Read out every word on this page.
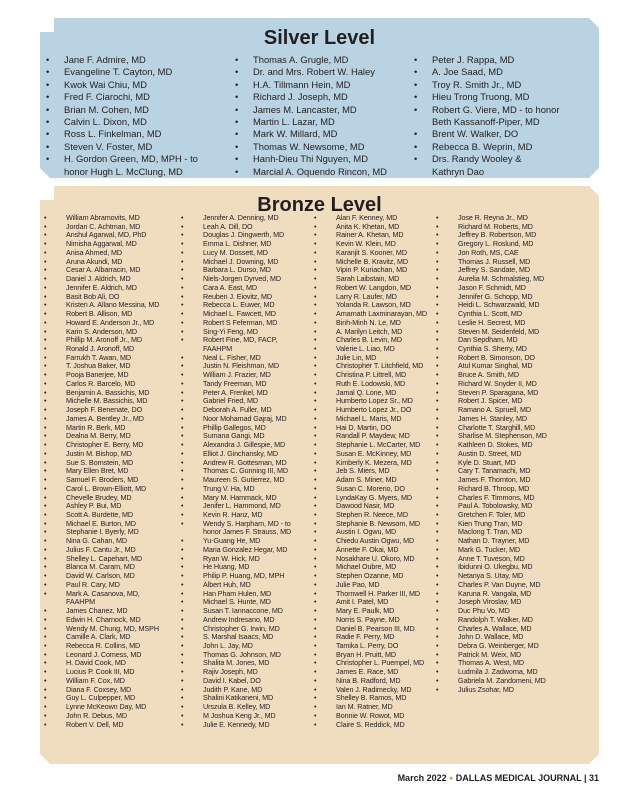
Silver Level
• Jane F. Admire, MD
• Evangeline T. Cayton, MD
• Kwok Wai Chiu, MD
• Fred F. Ciarochi, MD
• Brian M. Cohen, MD
• Calvin L. Dixon, MD
• Ross L. Finkelman, MD
• Steven V. Foster, MD
• H. Gordon Green, MD, MPH - to
honor Hugh L. McClung, MD
• Thomas A. Grugle, MD
• Dr. and Mrs. Robert W. Haley
• H.A. Tillmann Hein, MD
• Richard J. Joseph, MD
• James M. Lancaster, MD
• Martin L. Lazar, MD
• Mark W. Millard, MD
• Thomas W. Newsome, MD
• Hanh-Dieu Thi Nguyen, MD
• Marcial A. Oquendo Rincon, MD
• Peter J. Rappa, MD
• A. Joe Saad, MD
• Troy R. Smith Jr., MD
• Hieu Trong Truong, MD
• Robert G. Viere, MD - to honor
Beth Kassanoff-Piper, MD
• Brent W. Walker, DO
• Rebecca B. Weprin, MD
• Drs. Randy Wooley &
Kathryn Dao
Bronze Level
• William Abramovits, MD
• Jordan C. Achtman, MD
• Anshul Agarwal, MD, PhD
• Nimisha Aggarwal, MD
• Anisa Ahmed, MD
• Aruna Akundi, MD
• Cesar A. Albarracin, MD
• Daniel J. Aldrich, MD
• Jennifer E. Aldrich, MD
• Basit Bob Ali, DO
• Kristen A. Allano Messina, MD
• Robert B. Allison, MD
• Howard E. Anderson Jr., MD
• Karin S. Anderson, MD
• Phillip M. Aronoff Jr., MD
• Ronald J. Aronoff, MD
• Farrukh T. Awan, MD
• T. Joshua Baker, MD
• Pooja Banerjee, MD
• Carlos R. Barcelo, MD
• Benjamin A. Bassichis, MD
• Michelle M. Bassichis, MD
• Joseph F. Benenate, DO
• James A. Bentley Jr., MD
• Martin R. Berk, MD
• Dealna M. Berry, MD
• Christopher E. Berry, MD
• Justin M. Bishop, MD
• Sue S. Bornstein, MD
• Mary Ellen Bret, MD
• Samuel F. Broders, MD
• Carol L. Brown-Elliott, MD
• Chevelle Brudey, MD
• Ashley P. Bui, MD
• Scott A. Burdette, MD
• Michael E. Burton, MD
• Stephanie I. Byerly, MD
• Nina G. Cahan, MD
• Julius F. Cantu Jr., MD
• Shelley L. Capehart, MD
• Blanca M. Caram, MD
• David W. Carlson, MD
• Paul R. Cary, MD
• Mark A. Casanova, MD,
FAAHPM
• James Chanez, MD
• Edwin H. Charnock, MD
• Wendy M. Chung, MD, MSPH
• Camille A. Clark, MD
• Rebecca R. Collins, MD
• Leonard J. Comess, MD
• H. David Cook, MD
• Lucius P. Cook III, MD
• William F. Cox, MD
• Diana F. Coxsey, MD
• Guy L. Culpepper, MD
• Lynne McKeown Day, MD
• John R. Debus, MD
• Robert V. Dell, MD
• Jennifer A. Denning, MD
• Leah A. Dill, DO
• Douglas J. Dingwerth, MD
• Emma L. Dishner, MD
• Lucy M. Dossett, MD
• Michael J. Downing, MD
• Barbara L. Durso, MD
• Niels-Jorgen Dyrved, MD
• Cara A. East, MD
• Reuben J. Eiovitz, MD
• Rebecca L. Euwer, MD
• Michael L. Fawcett, MD
• Robert S Feferman, MD
• Sing-Yi Feng, MD
• Robert Fine, MD, FACP,
FAAHPM
• Neal L. Fisher, MD
• Justin N. Fleishman, MD
• William J. Frazier, MD
• Tandy Freeman, MD
• Peter A. Frenkel, MD
• Gabriel Fried, MD
• Deborah A. Fuller, MD
• Noor Mohamad Gajraj, MD
• Phillip Gallegos, MD
• Sumana Gangi, MD
• Alexandra J. Gillespie, MD
• Elliot J. Ginchansky, MD
• Andrew R. Gottesman, MD
• Thomas C. Gunning III, MD
• Maureen S. Gutierrez, MD
• Trung V. Ha, MD
• Mary M. Hammack, MD
• Jenifer L. Hammond, MD
• Kevin R. Hanz, MD
• Wendy S. Harpham, MD - to
honor James F. Strauss, MD
• Yu-Guang He, MD
• Maria Gonzalez Hegar, MD
• Ryan W. Hick, MD
• He Huang, MD
• Philip P. Huang, MD, MPH
• Albert Huh, MD
• Han Pham Hulen, MD
• Michael S. Hunte, MD
• Susan T. Iannaccone, MD
• Andrew Indresano, MD
• Christopher G. Irwin, MD
• S. Marshal Isaacs, MD
• John L. Jay, MD
• Thomas G. Johnson, MD
• Shalita M. Jones, MD
• Rajiv Joseph, MD
• David I. Kabel, DO
• Judith P. Kane, MD
• Shalini Katikaneni, MD
• Urszula B. Kelley, MD
• M Joshua Keng Jr., MD
• Julie E. Kennedy, MD
• Alan F. Kenney, MD
• Anita K. Khetan, MD
• Rainer A. Khetan, MD
• Kevin W. Klein, MD
• Karanjit S. Kooner, MD
• Michelle B. Kravitz, MD
• Vipin P. Kuriachan, MD
• Sarah Laibstain, MD
• Robert W. Langdon, MD
• Larry R. Laufer, MD
• Yolanda R. Lawson, MD
• Amarnath Laxminarayan, MD
• Binh-Minh N. Le, MD
• A. Marilyn Leitch, MD
• Charles B. Levin, MD
• Valerie L. Liao, MD
• Julie Lin, MD
• Christopher T. Litchfield, MD
• Christina P. Littrell, MD
• Ruth E. Lodowski, MD
• Jamal Q. Lone, MD
• Humberto Lopez Sr., MD
• Humberto Lopez Jr., DO
• Michael L. Maris, MD
• Hai D. Martin, DO
• Randall P. Maydew, MD
• Stephanie L. McCarter, MD
• Susan E. McKinney, MD
• Kimberly K. Mezera, MD
• Jeb S. Miers, MD
• Adam S. Miner, MD
• Susan C. Moreno, DO
• LyndaKay G. Myers, MD
• Dawood Nasir, MD
• Stephen R. Neece, MD
• Stephanie B. Newsom, MD
• Austin I. Ogwu, MD
• Chiedu Austin Ogwu, MD
• Annette F. Okai, MD
• Nosakhare U. Okoro, MD
• Michael Oubre, MD
• Stephen Ozanne, MD
• Julie Pao, MD
• Thornwell H. Parker III, MD
• Amit I. Patel, MD
• Mary E. Paulk, MD
• Norris S. Payne, MD
• Daniel B. Pearson III, MD
• Radie F. Perry, MD
• Tamika L. Perry, DO
• Bryan H. Pruitt, MD
• Christopher L. Puempel, MD
• James E. Race, MD
• Nina B. Radford, MD
• Valen J. Radimecky, MD
• Shelley B. Ramos, MD
• Ian M. Ratner, MD
• Bonnie W. Rowot, MD
• Claire S. Reddick, MD
• Jose R. Reyna Jr., MD
• Richard M. Roberts, MD
• Jeffrey B. Robertson, MD
• Gregory L. Roslund, MD
• Jon Roth, MS, CAE
• Thomas J. Russell, MD
• Jeffrey S. Sandate, MD
• Aurelia M. Schmalstieg, MD
• Jason F. Schmidt, MD
• Jennifer G. Schopp, MD
• Heidi L. Schwarzwald, MD
• Cynthia L. Scott, MD
• Leslie H. Secrest, MD
• Steven M. Seidenfeld, MD
• Dan Sepdham, MD
• Cynthia S. Sherry, MD
• Robert B. Simonson, DO
• Atul Kumar Singhal, MD
• Bruce A. Smith, MD
• Richard W. Snyder II, MD
• Steven P. Sparagana, MD
• Robert J. Spicer, MD
• Ramano A. Spruell, MD
• James H. Stanley, MD
• Charlotte T. Starghill, MD
• Sharlise M. Stephenson, MD
• Kathleen D. Stokes, MD
• Austin D. Street, MD
• Kyle D. Stuart, MD
• Cary T. Tanamachi, MD
• James F. Thornton, MD
• Richard B. Throop, MD
• Charles F. Timmons, MD
• Paul A. Tobolowsky, MD
• Gretchen F. Toler, MD
• Kien Trung Tran, MD
• Maclong T. Tran, MD
• Nathan D. Trayner, MD
• Mark G. Tucker, MD
• Anne T. Tuveson, MD
• Ibidunni O. Ukegbu, MD
• Netanya S. Utay, MD
• Charles P. Van Duyne, MD
• Karuna R. Vangala, MD
• Joseph Viroslav, MD
• Duc Phu Vo, MD
• Randolph T. Walker, MD
• Charles A. Wallace, MD
• John D. Wallace, MD
• Debra G. Weinberger, MD
• Patrick M. Weix, MD
• Thomas A. West, MD
• Ludmila J. Zadworna, MD
• Gabriela M. Zandomeni, MD
• Julius Zsohar, MD
March 2022 • DALLAS MEDICAL JOURNAL | 31
